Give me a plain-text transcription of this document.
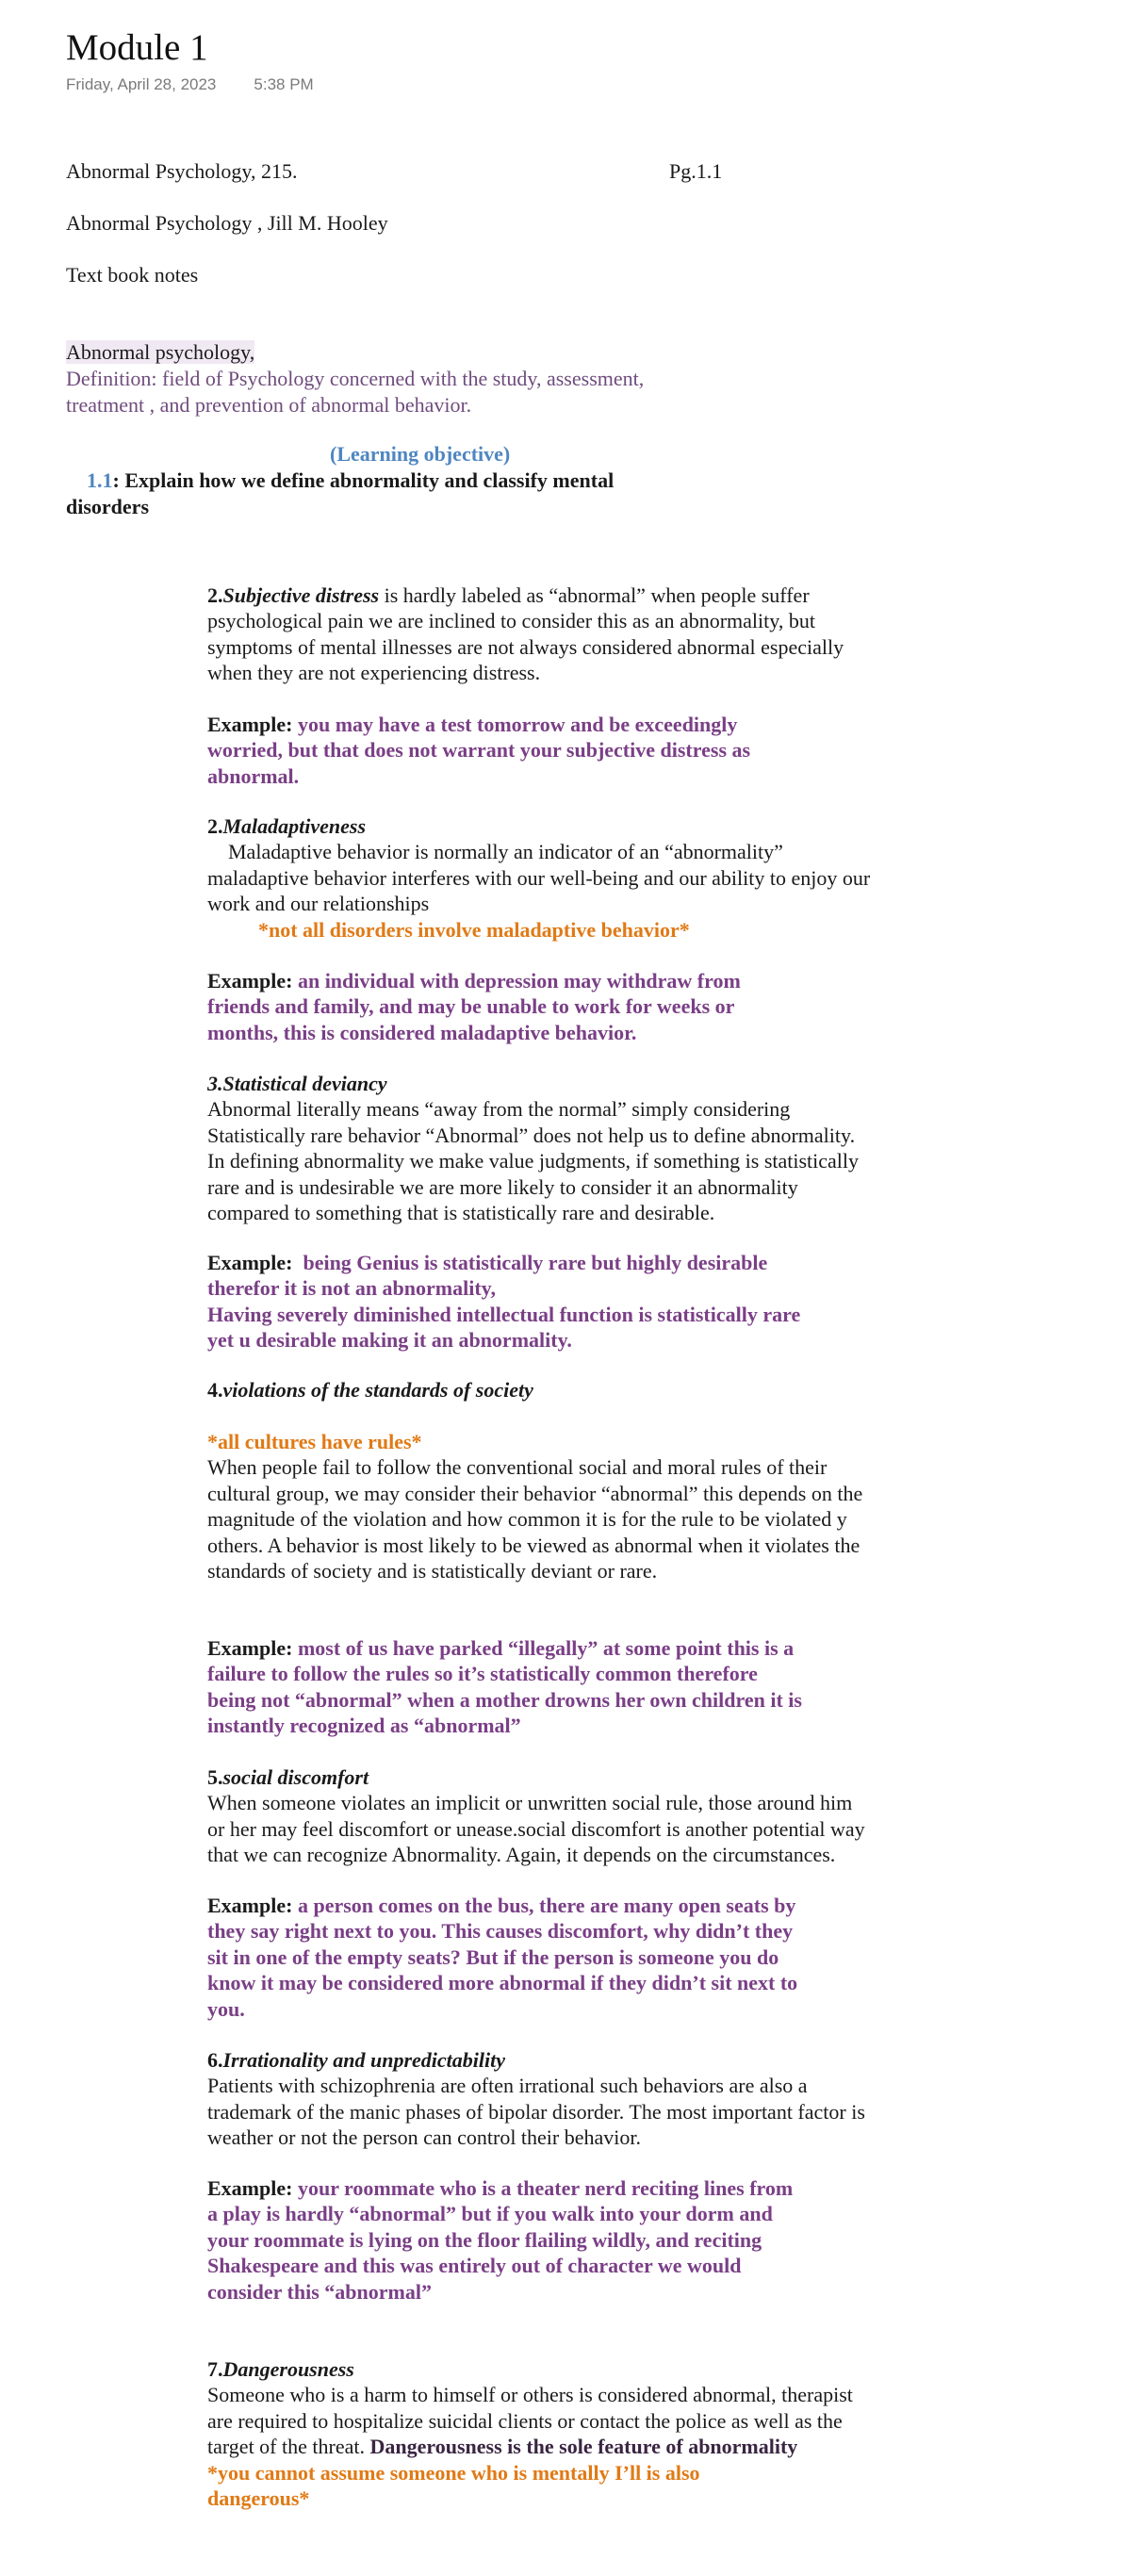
Module 1
Friday, April 28, 2023 5:38 PM
Abnormal Psychology, 215.	Pg.1.1
Abnormal Psychology , Jill M. Hooley
Text book notes
Abnormal psychology,
Definition: field of Psychology concerned with the study, assessment,
treatment , and prevention of abnormal behavior.
(Learning objective)
1.1: Explain how we define abnormality and classify mental
disorders
2.Subjective distress is hardly labeled as “abnormal” when people suffer
psychological pain we are inclined to consider this as an abnormality, but
symptoms of mental illnesses are not always considered abnormal especially
when they are not experiencing distress.
Example: you may have a test tomorrow and be exceedingly
worried, but that does not warrant your subjective distress as
abnormal.
2.Maladaptiveness
Maladaptive behavior is normally an indicator of an “abnormality”
maladaptive behavior interferes with our well-being and our ability to enjoy our
work and our relationships
*not all disorders involve maladaptive behavior*
Example: an individual with depression may withdraw from
friends and family, and may be unable to work for weeks or
months, this is considered maladaptive behavior.
3.Statistical deviancy
Abnormal literally means “away from the normal” simply considering
Statistically rare behavior “Abnormal” does not help us to define abnormality.
In defining abnormality we make value judgments, if something is statistically
rare and is undesirable we are more likely to consider it an abnormality
compared to something that is statistically rare and desirable.
Example:  being Genius is statistically rare but highly desirable
therefor it is not an abnormality,
Having severely diminished intellectual function is statistically rare
yet u desirable making it an abnormality.
4.violations of the standards of society
*all cultures have rules*
When people fail to follow the conventional social and moral rules of their
cultural group, we may consider their behavior “abnormal” this depends on the
magnitude of the violation and how common it is for the rule to be violated y
others. A behavior is most likely to be viewed as abnormal when it violates the
standards of society and is statistically deviant or rare.
Example: most of us have parked “illegally” at some point this is a
failure to follow the rules so it’s statistically common therefore
being not “abnormal” when a mother drowns her own children it is
instantly recognized as “abnormal”
5.social discomfort
When someone violates an implicit or unwritten social rule, those around him
or her may feel discomfort or unease.social discomfort is another potential way
that we can recognize Abnormality. Again, it depends on the circumstances.
Example: a person comes on the bus, there are many open seats by
they say right next to you. This causes discomfort, why didn’t they
sit in one of the empty seats? But if the person is someone you do
know it may be considered more abnormal if they didn’t sit next to
you.
6.Irrationality and unpredictability
Patients with schizophrenia are often irrational such behaviors are also a
trademark of the manic phases of bipolar disorder. The most important factor is
weather or not the person can control their behavior.
Example: your roommate who is a theater nerd reciting lines from
a play is hardly “abnormal” but if you walk into your dorm and
your roommate is lying on the floor flailing wildly, and reciting
Shakespeare and this was entirely out of character we would
consider this “abnormal”
7.Dangerousness
Someone who is a harm to himself or others is considered abnormal, therapist
are required to hospitalize suicidal clients or contact the police as well as the
target of the threat. Dangerousness is the sole feature of abnormality
*you cannot assume someone who is mentally I’ll is also
dangerous*
